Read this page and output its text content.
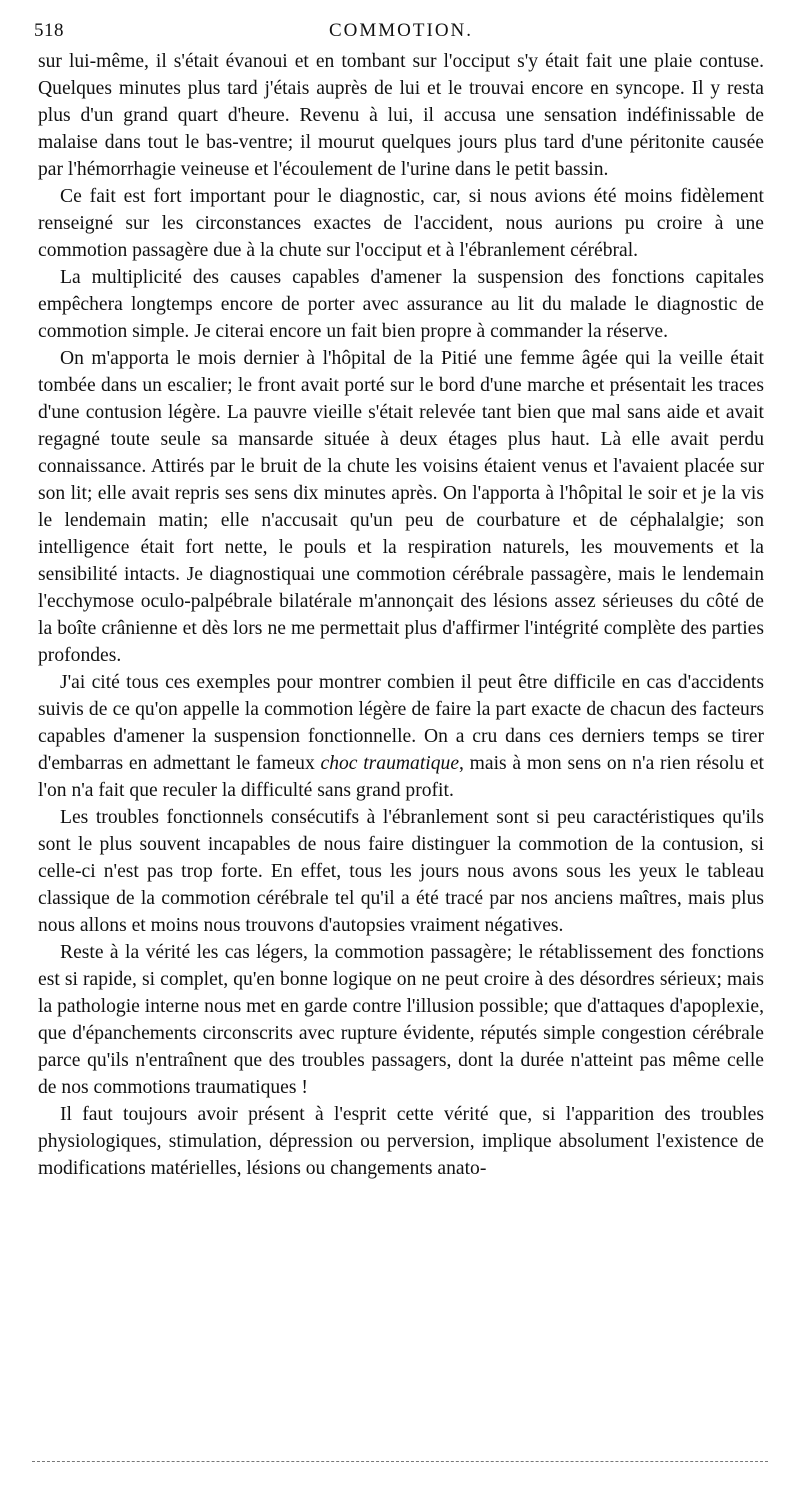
518	COMMOTION.

sur lui-même, il s'était évanoui et en tombant sur l'occiput s'y était fait une plaie contuse. Quelques minutes plus tard j'étais auprès de lui et le trouvai encore en syncope. Il y resta plus d'un grand quart d'heure. Revenu à lui, il accusa une sensation indéfinissable de malaise dans tout le bas-ventre; il mourut quelques jours plus tard d'une péritonite causée par l'hémorrhagie veineuse et l'écoulement de l'urine dans le petit bassin.

Ce fait est fort important pour le diagnostic, car, si nous avions été moins fidèlement renseigné sur les circonstances exactes de l'accident, nous aurions pu croire à une commotion passagère due à la chute sur l'occiput et à l'ébranlement cérébral.

La multiplicité des causes capables d'amener la suspension des fonctions capitales empêchera longtemps encore de porter avec assurance au lit du malade le diagnostic de commotion simple. Je citerai encore un fait bien propre à commander la réserve.

On m'apporta le mois dernier à l'hôpital de la Pitié une femme âgée qui la veille était tombée dans un escalier; le front avait porté sur le bord d'une marche et présentait les traces d'une contusion légère. La pauvre vieille s'était relevée tant bien que mal sans aide et avait regagné toute seule sa mansarde située à deux étages plus haut. Là elle avait perdu connaissance. Attirés par le bruit de la chute les voisins étaient venus et l'avaient placée sur son lit; elle avait repris ses sens dix minutes après. On l'apporta à l'hôpital le soir et je la vis le lendemain matin; elle n'accusait qu'un peu de courbature et de céphalalgie; son intelligence était fort nette, le pouls et la respiration naturels, les mouvements et la sensibilité intacts. Je diagnostiquai une commotion cérébrale passagère, mais le lendemain l'ecchymose oculo-palpébrale bilatérale m'annonçait des lésions assez sérieuses du côté de la boîte crânienne et dès lors ne me permettait plus d'affirmer l'intégrité complète des parties profondes.

J'ai cité tous ces exemples pour montrer combien il peut être difficile en cas d'accidents suivis de ce qu'on appelle la commotion légère de faire la part exacte de chacun des facteurs capables d'amener la suspension fonctionnelle. On a cru dans ces derniers temps se tirer d'embarras en admettant le fameux choc traumatique, mais à mon sens on n'a rien résolu et l'on n'a fait que reculer la difficulté sans grand profit.

Les troubles fonctionnels consécutifs à l'ébranlement sont si peu caractéristiques qu'ils sont le plus souvent incapables de nous faire distinguer la commotion de la contusion, si celle-ci n'est pas trop forte. En effet, tous les jours nous avons sous les yeux le tableau classique de la commotion cérébrale tel qu'il a été tracé par nos anciens maîtres, mais plus nous allons et moins nous trouvons d'autopsies vraiment négatives.

Reste à la vérité les cas légers, la commotion passagère; le rétablissement des fonctions est si rapide, si complet, qu'en bonne logique on ne peut croire à des désordres sérieux; mais la pathologie interne nous met en garde contre l'illusion possible; que d'attaques d'apoplexie, que d'épanchements circonscrits avec rupture évidente, réputés simple congestion cérébrale parce qu'ils n'entraînent que des troubles passagers, dont la durée n'atteint pas même celle de nos commotions traumatiques !

Il faut toujours avoir présent à l'esprit cette vérité que, si l'apparition des troubles physiologiques, stimulation, dépression ou perversion, implique absolument l'existence de modifications matérielles, lésions ou changements anato-
